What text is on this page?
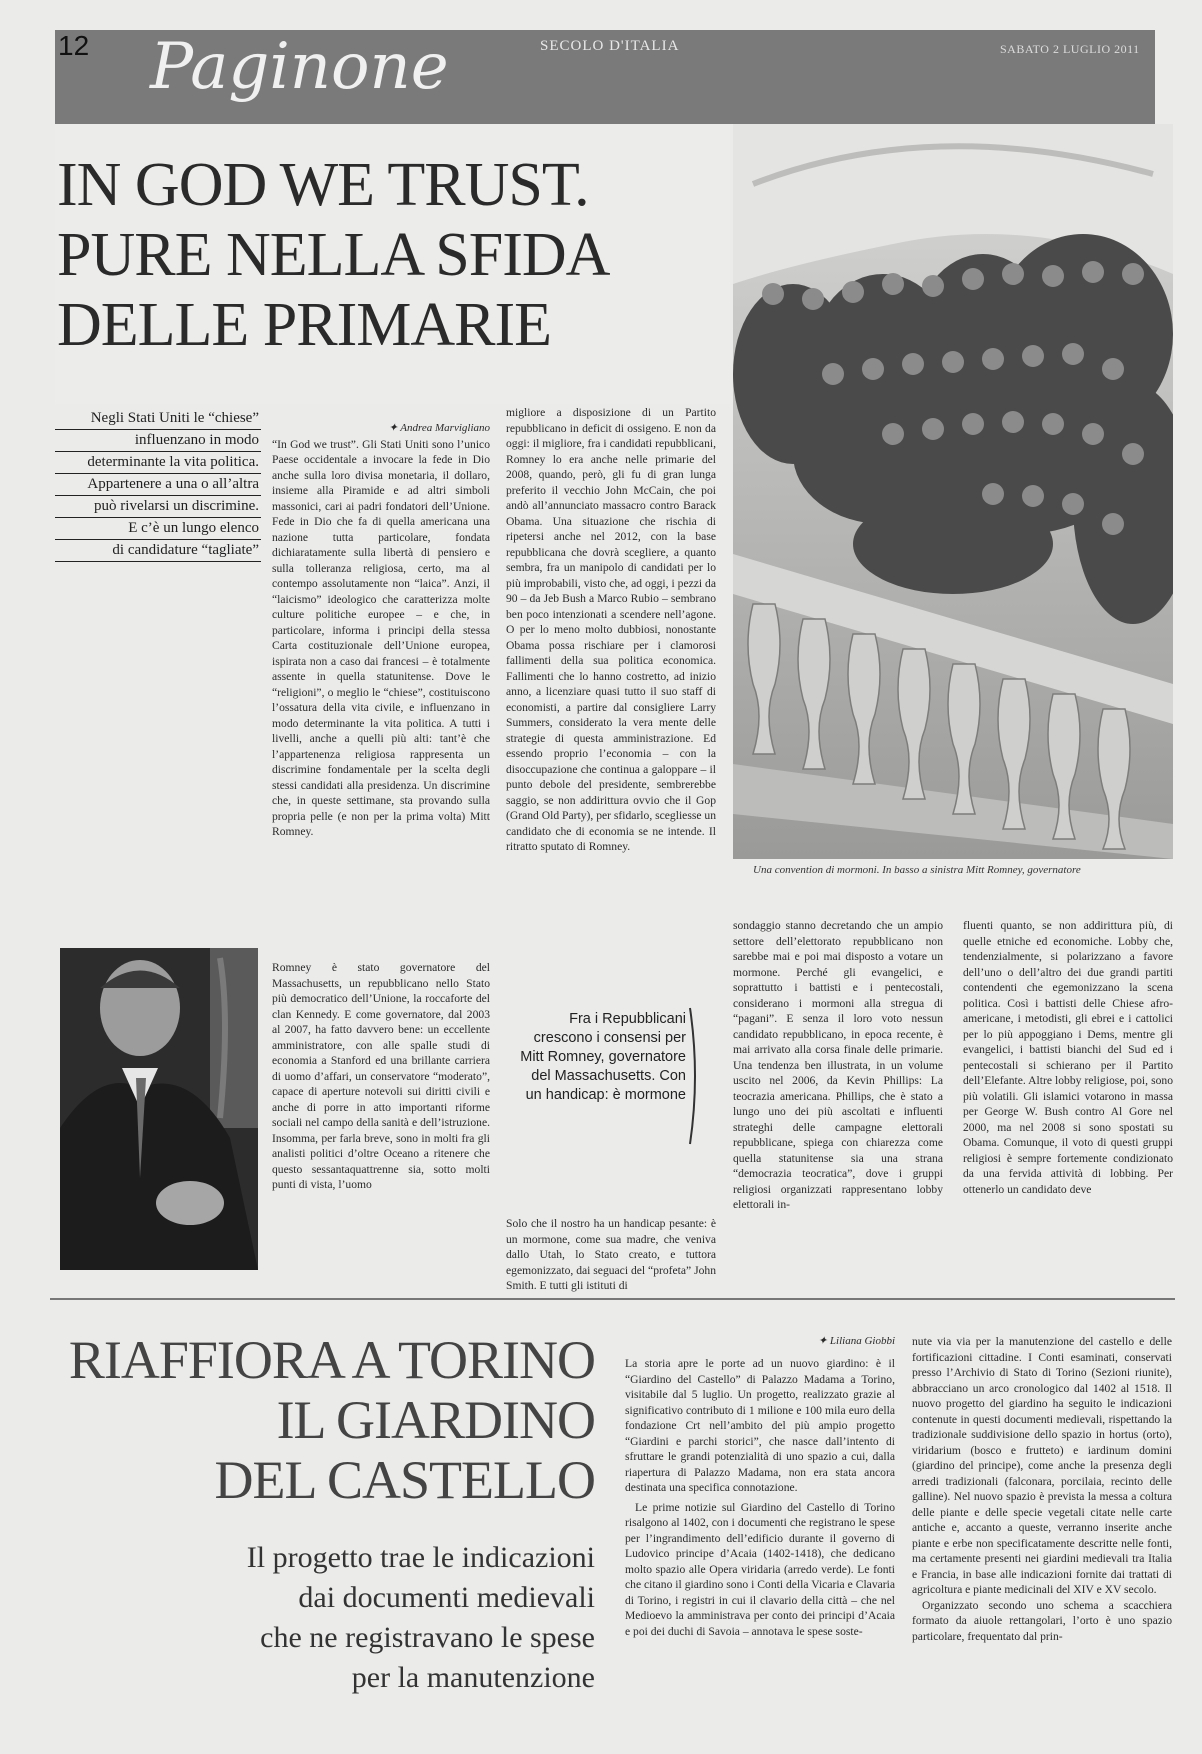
12 Paginone	SECOLO D'ITALIA	SABATO 2 LUGLIO 2011
IN GOD WE TRUST.
PURE NELLA SFIDA
DELLE PRIMARIE
Una convention di mormoni. In basso a sinistra Mitt Romney, governatore
Negli Stati Uniti le “chiese”
influenzano in modo
determinante la vita politica.
Appartenere a una o all’altra
può rivelarsi un discrimine.
E c’è un lungo elenco
di candidature “tagliate”
✦ Andrea Marvigliano

“In God we trust”. Gli Stati Uniti sono l’unico Paese occidentale a invocare la fede in Dio anche sulla loro divisa monetaria, il dollaro, insieme alla Piramide e ad altri simboli massonici, cari ai padri fondatori dell’Unione. Fede in Dio che fa di quella americana una nazione tutta particolare, fondata dichiaratamente sulla libertà di pensiero e sulla tolleranza religiosa, certo, ma al contempo assolutamente non “laica”. Anzi, il “laicismo” ideologico che caratterizza molte culture politiche europee – e che, in particolare, informa i principi della stessa Carta costituzionale dell’Unione europea, ispirata non a caso dai francesi – è totalmente assente in quella statunitense. Dove le “religioni”, o meglio le “chiese”, costituiscono l’ossatura della vita civile, e influenzano in modo determinante la vita politica. A tutti i livelli, anche a quelli più alti: tant’è che l’appartenenza religiosa rappresenta un discrimine fondamentale per la scelta degli stessi candidati alla presidenza. Un discrimine che, in queste settimane, sta provando sulla propria pelle (e non per la prima volta) Mitt Romney.

Romney è stato governatore del Massachusetts, un repubblicano nello Stato più democratico dell’Unione, la roccaforte del clan Kennedy. E come governatore, dal 2003 al 2007, ha fatto davvero bene: un eccellente amministratore, con alle spalle studi di economia a Stanford ed una brillante carriera di uomo d’affari, un conservatore “moderato”, capace di aperture notevoli sui diritti civili e anche di porre in atto importanti riforme sociali nel campo della sanità e dell’istruzione. Insomma, per farla breve, sono in molti fra gli analisti politici d’oltre Oceano a ritenere che questo sessantaquattrenne sia, sotto molti punti di vista, l’uomo

migliore a disposizione di un Partito repubblicano in deficit di ossigeno. E non da oggi: il migliore, fra i candidati repubblicani, Romney lo era anche nelle primarie del 2008, quando, però, gli fu di gran lunga preferito il vecchio John McCain, che poi andò all’annunciato massacro contro Barack Obama. Una situazione che rischia di ripetersi anche nel 2012, con la base repubblicana che dovrà scegliere, a quanto sembra, fra un manipolo di candidati per lo più improbabili, visto che, ad oggi, i pezzi da 90 – da Jeb Bush a Marco Rubio – sembrano ben poco intenzionati a scendere nell’agone. O per lo meno molto dubbiosi, nonostante Obama possa rischiare per i clamorosi fallimenti della sua politica economica. Fallimenti che lo hanno costretto, ad inizio anno, a licenziare quasi tutto il suo staff di economisti, a partire dal consigliere Larry Summers, considerato la vera mente delle strategie di questa amministrazione. Ed essendo proprio l’economia – con la disoccupazione che continua a galoppare – il punto debole del presidente, sembrerebbe saggio, se non addirittura ovvio che il Gop (Grand Old Party), per sfidarlo, scegliesse un candidato che di economia se ne intende. Il ritratto sputato di Romney.

Fra i Repubblicani crescono i consensi per Mitt Romney, governatore del Massachusetts. Con un handicap: è mormone

Solo che il nostro ha un handicap pesante: è un mormone, come sua madre, che veniva dallo Utah, lo Stato creato, e tuttora egemonizzato, dai seguaci del “profeta” John Smith. E tutti gli istituti di

sondaggio stanno decretando che un ampio settore dell’elettorato repubblicano non sarebbe mai e poi mai disposto a votare un mormone. Perché gli evangelici, e soprattutto i battisti e i pentecostali, considerano i mormoni alla stregua di “pagani”. E senza il loro voto nessun candidato repubblicano, in epoca recente, è mai arrivato alla corsa finale delle primarie. Una tendenza ben illustrata, in un volume uscito nel 2006, da Kevin Phillips: La teocrazia americana. Phillips, che è stato a lungo uno dei più ascoltati e influenti strateghi delle campagne elettorali repubblicane, spiega con chiarezza come quella statunitense sia una strana “democrazia teocratica”, dove i gruppi religiosi organizzati rappresentano lobby elettorali in-

fluenti quanto, se non addirittura più, di quelle etniche ed economiche. Lobby che, tendenzialmente, si polarizzano a favore dell’uno o dell’altro dei due grandi partiti contendenti che egemonizzano la scena politica. Così i battisti delle Chiese afro-americane, i metodisti, gli ebrei e i cattolici per lo più appoggiano i Dems, mentre gli evangelici, i battisti bianchi del Sud ed i pentecostali si schierano per il Partito dell’Elefante. Altre lobby religiose, poi, sono più volatili. Gli islamici votarono in massa per George W. Bush contro Al Gore nel 2000, ma nel 2008 si sono spostati su Obama. Comunque, il voto di questi gruppi religiosi è sempre fortemente condizionato da una fervida attività di lobbing. Per ottenerlo un candidato deve

RIAFFIORA A TORINO
IL GIARDINO
DEL CASTELLO
Il progetto trae le indicazioni
dai documenti medievali
che ne registravano le spese
per la manutenzione
✦ Liliana Giobbi

La storia apre le porte ad un nuovo giardino: è il “Giardino del Castello” di Palazzo Madama a Torino, visitabile dal 5 luglio. Un progetto, realizzato grazie al significativo contributo di 1 milione e 100 mila euro della fondazione Crt nell’ambito del più ampio progetto “Giardini e parchi storici”, che nasce dall’intento di sfruttare le grandi potenzialità di uno spazio a cui, dalla riapertura di Palazzo Madama, non era stata ancora destinata una specifica connotazione.

Le prime notizie sul Giardino del Castello di Torino risalgono al 1402, con i documenti che registrano le spese per l’ingrandimento dell’edificio durante il governo di Ludovico principe d’Acaia (1402-1418), che dedicano molto spazio alle Opera viridaria (arredo verde). Le fonti che citano il giardino sono i Conti della Vicaria e Clavaria di Torino, i registri in cui il clavario della città – che nel Medioevo la amministrava per conto dei principi d’Acaia e poi dei duchi di Savoia – annotava le spese soste-

nute via via per la manutenzione del castello e delle fortificazioni cittadine. I Conti esaminati, conservati presso l’Archivio di Stato di Torino (Sezioni riunite), abbracciano un arco cronologico dal 1402 al 1518. Il nuovo progetto del giardino ha seguito le indicazioni contenute in questi documenti medievali, rispettando la tradizionale suddivisione dello spazio in hortus (orto), viridarium (bosco e frutteto) e iardinum domini (giardino del principe), come anche la presenza degli arredi tradizionali (falconara, porcilaia, recinto delle galline). Nel nuovo spazio è prevista la messa a coltura delle piante e delle specie vegetali citate nelle carte antiche e, accanto a queste, verranno inserite anche piante e erbe non specificatamente descritte nelle fonti, ma certamente presenti nei giardini medievali tra Italia e Francia, in base alle indicazioni fornite dai trattati di agricoltura e piante medicinali del XIV e XV secolo.

Organizzato secondo uno schema a scacchiera formato da aiuole rettangolari, l’orto è uno spazio particolare, frequentato dal prin-
